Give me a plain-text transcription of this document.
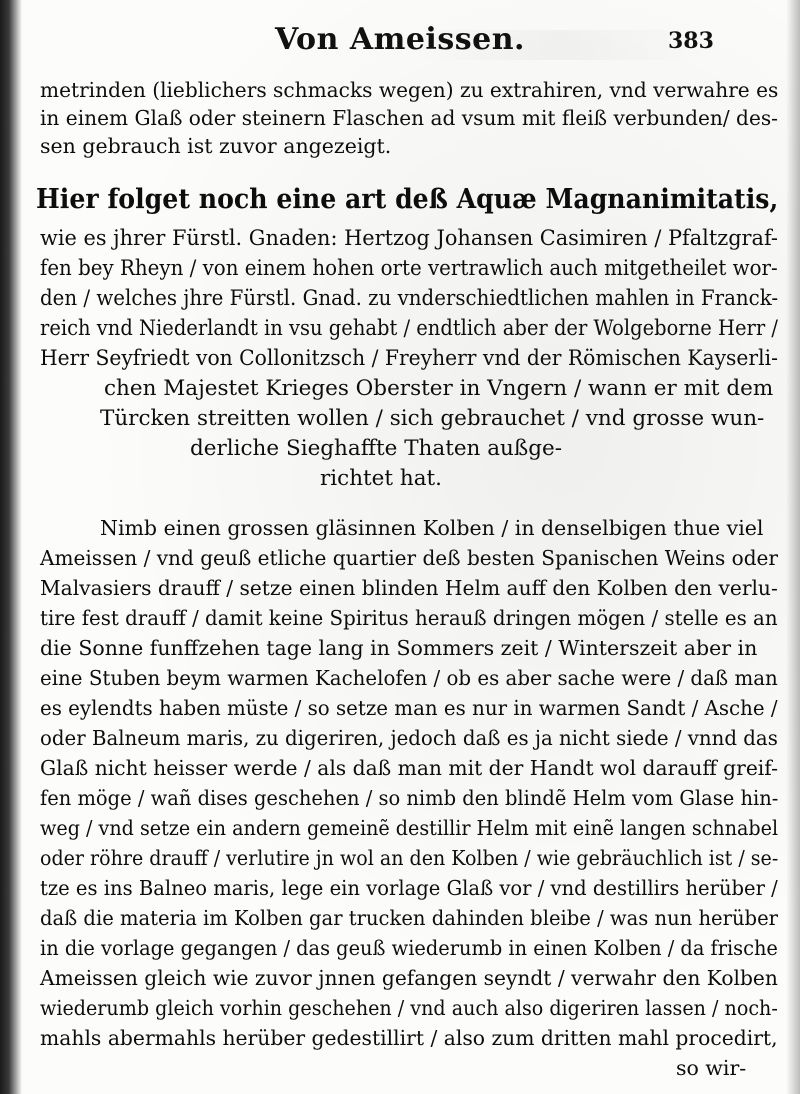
Von Ameissen.	383
metrinden (lieblichers schmacks wegen) zu extrahiren, vnd verwahre es
in einem Glaß oder steinern Flaschen ad vsum mit fleiß verbunden/ des-
sen gebrauch ist zuvor angezeigt.
Hier folget noch eine art deß Aquæ Magnanimitatis,
wie es jhrer Fürstl. Gnaden: Hertzog Johansen Casimiren / Pfaltzgraf-
fen bey Rheyn / von einem hohen orte vertrawlich auch mitgetheilet wor-
den / welches jhre Fürstl. Gnad. zu vnderschiedtlichen mahlen in Franck-
reich vnd Niederlandt in vsu gehabt / endtlich aber der Wolgeborne Herr /
Herr Seyfriedt von Collonitzsch / Freyherr vnd der Römischen Kayserli-
chen Majestet Krieges Oberster in Vngern / wann er mit dem
Türcken streitten wollen / sich gebrauchet / vnd grosse wun-
derliche Sieghaffte Thaten außge-
richtet hat.
Nimb einen grossen gläsinnen Kolben / in denselbigen thue viel
Ameissen / vnd geuß etliche quartier deß besten Spanischen Weins oder
Malvasiers drauff / setze einen blinden Helm auff den Kolben den verlu-
tire fest drauff / damit keine Spiritus herauß dringen mögen / stelle es an
die Sonne funffzehen tage lang in Sommers zeit / Winterszeit aber in
eine Stuben beym warmen Kachelofen / ob es aber sache were / daß man
es eylendts haben müste / so setze man es nur in warmen Sandt / Asche /
oder Balneum maris, zu digeriren, jedoch daß es ja nicht siede / vnnd das
Glaß nicht heisser werde / als daß man mit der Handt wol darauff greif-
fen möge / wañ dises geschehen / so nimb den blindẽ Helm vom Glase hin-
weg / vnd setze ein andern gemeinẽ destillir Helm mit einẽ langen schnabel
oder röhre drauff / verlutire jn wol an den Kolben / wie gebräuchlich ist / se-
tze es ins Balneo maris, lege ein vorlage Glaß vor / vnd destillirs herüber /
daß die materia im Kolben gar trucken dahinden bleibe / was nun herüber
in die vorlage gegangen / das geuß wiederumb in einen Kolben / da frische
Ameissen gleich wie zuvor jnnen gefangen seyndt / verwahr den Kolben
wiederumb gleich vorhin geschehen / vnd auch also digeriren lassen / noch-
mahls abermahls herüber gedestillirt / also zum dritten mahl procedirt,
so wir-
